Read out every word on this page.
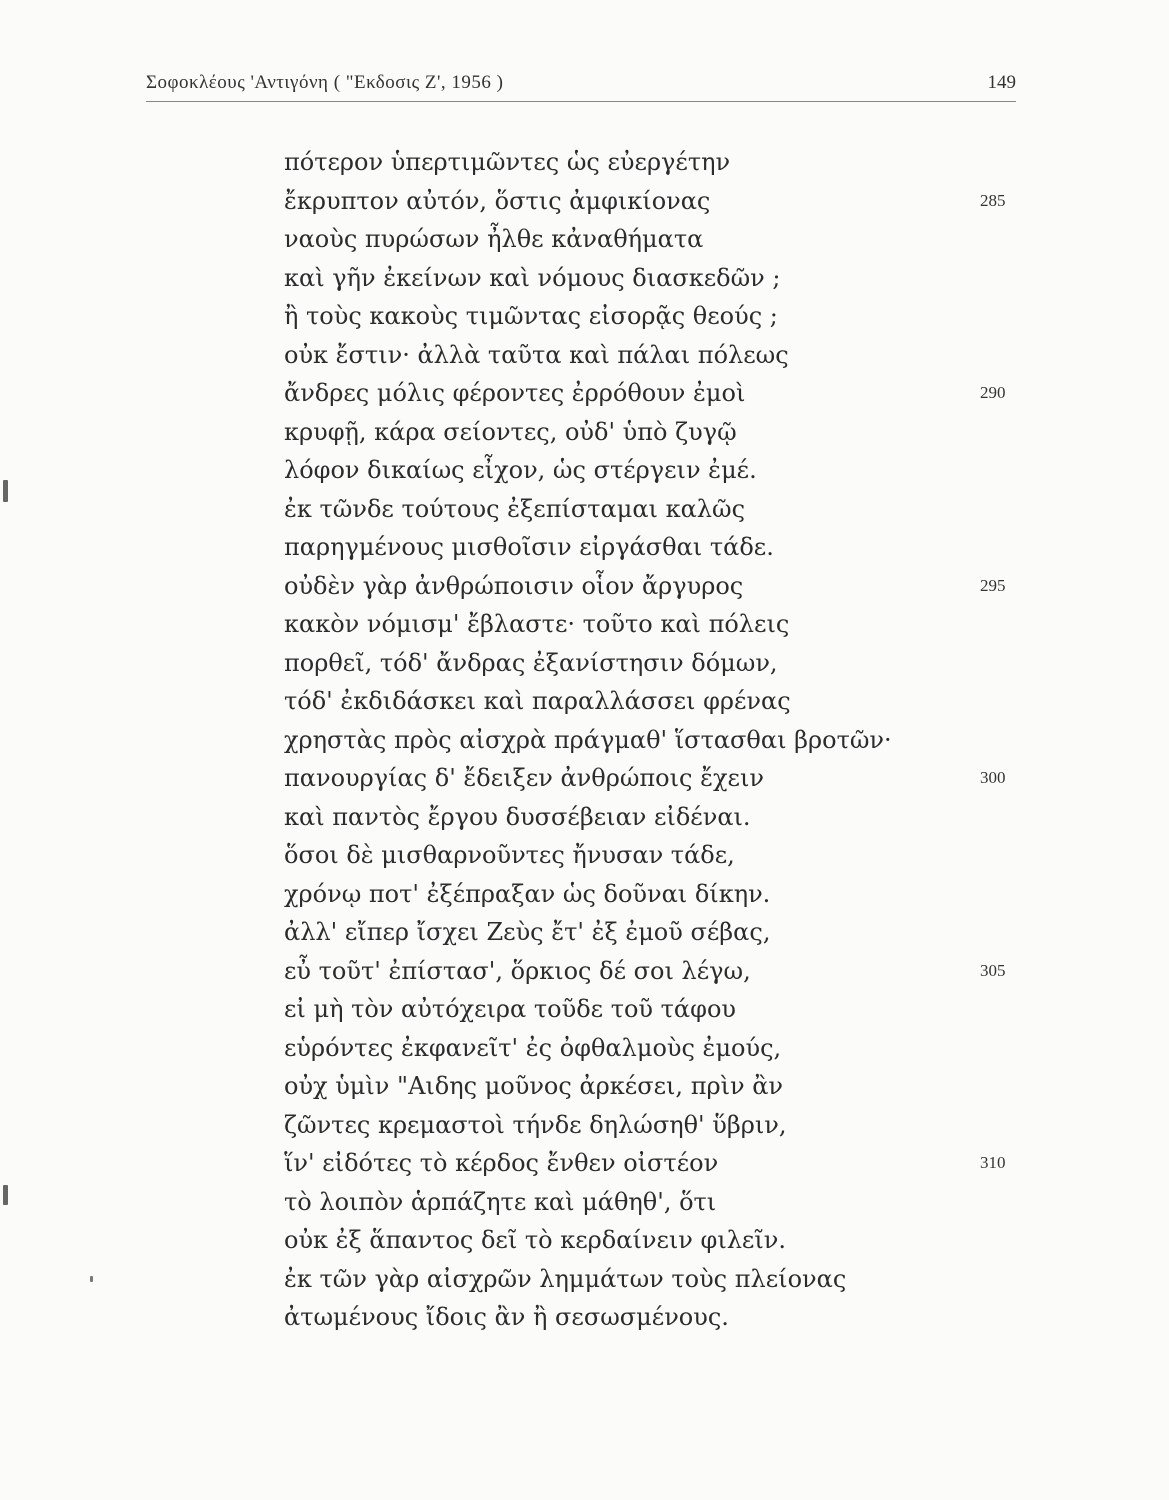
Σοφοκλέους 'Αντιγόνη ( "Εκδοσις Ζ', 1956 )	149
πότερον ὑπερτιμῶντες ὡς εὐεργέτην
ἔκρυπτον αὐτόν, ὅστις ἀμφικίονας	285
ναοὺς πυρώσων ἦλθε κἀναθήματα
καὶ γῆν ἐκείνων καὶ νόμους διασκεδῶν ;
ἢ τοὺς κακοὺς τιμῶντας εἰσορᾷς θεούς ;
οὐκ ἔστιν· ἀλλὰ ταῦτα καὶ πάλαι πόλεως
ἄνδρες μόλις φέροντες ἐρρόθουν ἐμοὶ	290
κρυφῇ, κάρα σείοντες, οὐδ' ὑπὸ ζυγῷ
λόφον δικαίως εἶχον, ὡς στέργειν ἐμέ.
ἐκ τῶνδε τούτους ἐξεπίσταμαι καλῶς
παρηγμένους μισθοῖσιν εἰργάσθαι τάδε.
οὐδὲν γὰρ ἀνθρώποισιν οἷον ἄργυρος	295
κακὸν νόμισμ' ἔβλαστε· τοῦτο καὶ πόλεις
πορθεῖ, τόδ' ἄνδρας ἐξανίστησιν δόμων,
τόδ' ἐκδιδάσκει καὶ παραλλάσσει φρένας
χρηστὰς πρὸς αἰσχρὰ πράγμαθ' ἵστασθαι βροτῶν·
πανουργίας δ' ἔδειξεν ἀνθρώποις ἔχειν	300
καὶ παντὸς ἔργου δυσσέβειαν εἰδέναι.
ὅσοι δὲ μισθαρνοῦντες ἤνυσαν τάδε,
χρόνῳ ποτ' ἐξέπραξαν ὡς δοῦναι δίκην.
ἀλλ' εἴπερ ἴσχει Ζεὺς ἔτ' ἐξ ἐμοῦ σέβας,
εὖ τοῦτ' ἐπίστασ', ὅρκιος δέ σοι λέγω,	305
εἰ μὴ τὸν αὐτόχειρα τοῦδε τοῦ τάφου
εὑρόντες ἐκφανεῖτ' ἐς ὀφθαλμοὺς ἐμούς,
οὐχ ὑμὶν "Αιδης μοῦνος ἀρκέσει, πρὶν ἂν
ζῶντες κρεμαστοὶ τήνδε δηλώσηθ' ὕβριν,
ἵν' εἰδότες τὸ κέρδος ἔνθεν οἰστέον	310
τὸ λοιπὸν ἁρπάζητε καὶ μάθηθ', ὅτι
οὐκ ἐξ ἅπαντος δεῖ τὸ κερδαίνειν φιλεῖν.
ἐκ τῶν γὰρ αἰσχρῶν λημμάτων τοὺς πλείονας
ἀτωμένους ἴδοις ἂν ἢ σεσωσμένους.
